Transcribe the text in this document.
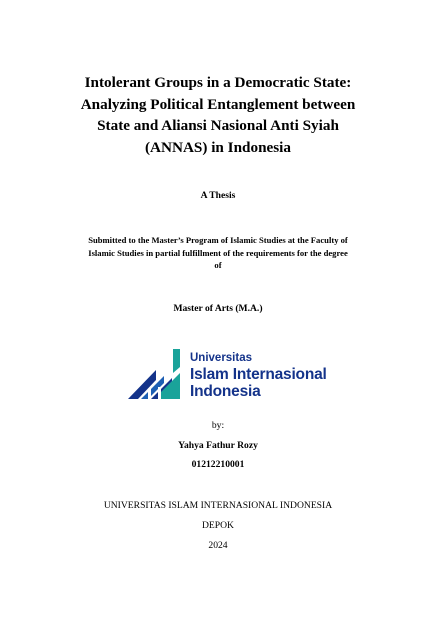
Intolerant Groups in a Democratic State:
Analyzing Political Entanglement between
State and Aliansi Nasional Anti Syiah
(ANNAS) in Indonesia
A Thesis
Submitted to the Master’s Program of Islamic Studies at the Faculty of
Islamic Studies in partial fulfillment of the requirements for the degree
of
Master of Arts (M.A.)
Universitas
Islam Internasional
Indonesia
by:
Yahya Fathur Rozy
01212210001
UNIVERSITAS ISLAM INTERNASIONAL INDONESIA
DEPOK
2024
